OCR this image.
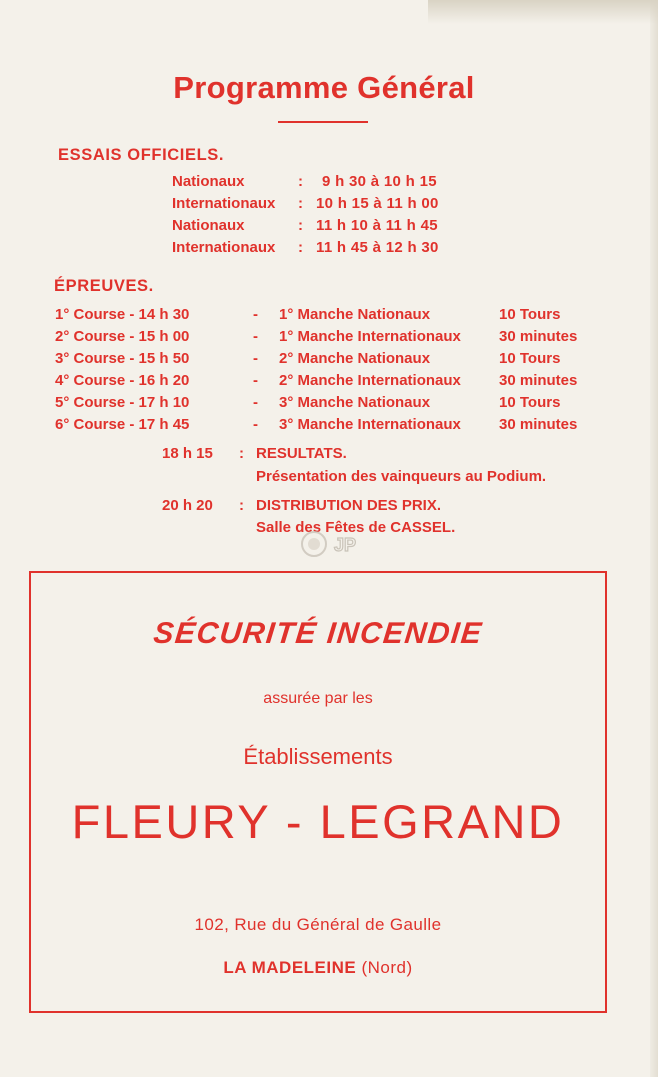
Programme Général
ESSAIS OFFICIELS.
Nationaux	: 9 h 30 à 10 h 15
Internationaux : 10 h 15 à 11 h 00
Nationaux	: 11 h 10 à 11 h 45
Internationaux : 11 h 45 à 12 h 30
ÉPREUVES.
1° Course - 14 h 30	- 1° Manche Nationaux	10 Tours
2° Course - 15 h 00	- 1° Manche Internationaux	30 minutes
3° Course - 15 h 50	- 2° Manche Nationaux	10 Tours
4° Course - 16 h 20	- 2° Manche Internationaux	30 minutes
5° Course - 17 h 10	- 3° Manche Nationaux	10 Tours
6° Course - 17 h 45	- 3° Manche Internationaux	30 minutes
18 h 15 : RESULTATS.
Présentation des vainqueurs au Podium.
20 h 20 : DISTRIBUTION DES PRIX.
Salle des Fêtes de CASSEL.
JP
SÉCURITÉ INCENDIE
assurée par les
Établissements
FLEURY - LEGRAND
102, Rue du Général de Gaulle
LA MADELEINE (Nord)
